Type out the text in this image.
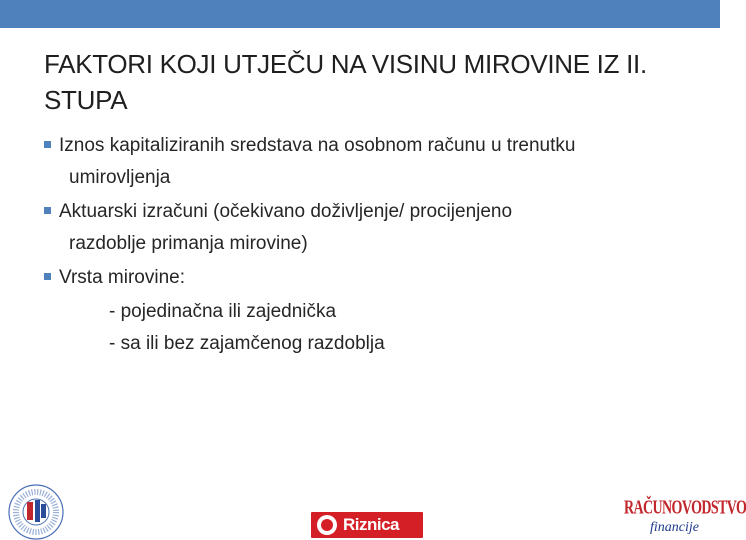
FAKTORI KOJI UTJEČU NA VISINU MIROVINE IZ II. STUPA
Iznos kapitaliziranih sredstava na osobnom računu u trenutku
umirovljenja
Aktuarski izračuni (očekivano doživljenje/ procijenjeno
razdoblje primanja mirovine)
Vrsta mirovine:

- pojedinačna ili zajednička

- sa ili bez zajamčenog razdoblja

Riznica
RAČUNOVODSTVO
financije
